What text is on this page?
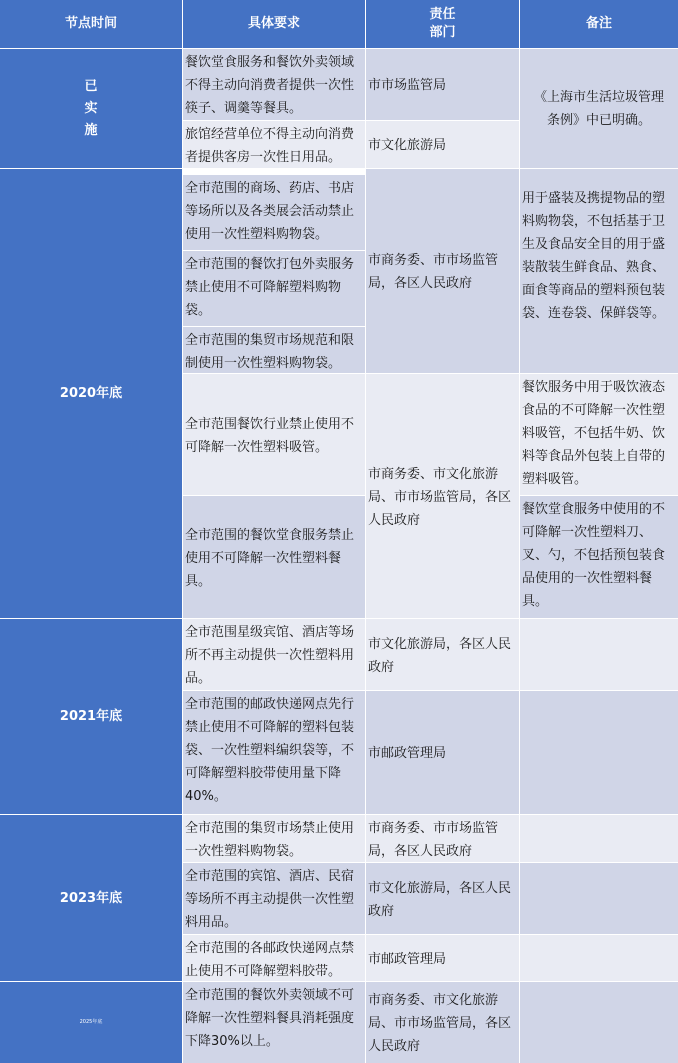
节点时间	具体要求
责任
部门
备注
已
实
施
2020年底
2021年底
2023年底
2025年底
餐饮堂食服务和餐饮外卖领域不得主动向消费者提供一次性筷子、调羹等餐具。
旅馆经营单位不得主动向消费者提供客房一次性日用品。
全市范围的商场、药店、书店等场所以及各类展会活动禁止使用一次性塑料购物袋。
全市范围的餐饮打包外卖服务禁止使用不可降解塑料购物袋。
全市范围的集贸市场规范和限制使用一次性塑料购物袋。
全市范围餐饮行业禁止使用不可降解一次性塑料吸管。
全市范围的餐饮堂食服务禁止使用不可降解一次性塑料餐具。
全市范围星级宾馆、酒店等场所不再主动提供一次性塑料用品。
全市范围的邮政快递网点先行禁止使用不可降解的塑料包装袋、一次性塑料编织袋等，不可降解塑料胶带使用量下降40%。
全市范围的集贸市场禁止使用一次性塑料购物袋。
全市范围的宾馆、酒店、民宿等场所不再主动提供一次性塑料用品。
全市范围的各邮政快递网点禁止使用不可降解塑料胶带。
全市范围的餐饮外卖领域不可降解一次性塑料餐具消耗强度下降30%以上。
市市场监管局
市文化旅游局
市商务委、市市场监管局，各区人民政府
市商务委、市文化旅游局、市市场监管局，各区人民政府
市文化旅游局，各区人民政府
市邮政管理局
市商务委、市市场监管局，各区人民政府
市文化旅游局，各区人民政府
市邮政管理局
市商务委、市文化旅游局、市市场监管局，各区人民政府
《上海市生活垃圾管理条例》中已明确。
用于盛装及携提物品的塑料购物袋，不包括基于卫生及食品安全目的用于盛装散装生鲜食品、熟食、面食等商品的塑料预包装袋、连卷袋、保鲜袋等。
餐饮服务中用于吸饮液态食品的不可降解一次性塑料吸管，不包括牛奶、饮料等食品外包装上自带的塑料吸管。
餐饮堂食服务中使用的不可降解一次性塑料刀、叉、勺，不包括预包装食品使用的一次性塑料餐具。
